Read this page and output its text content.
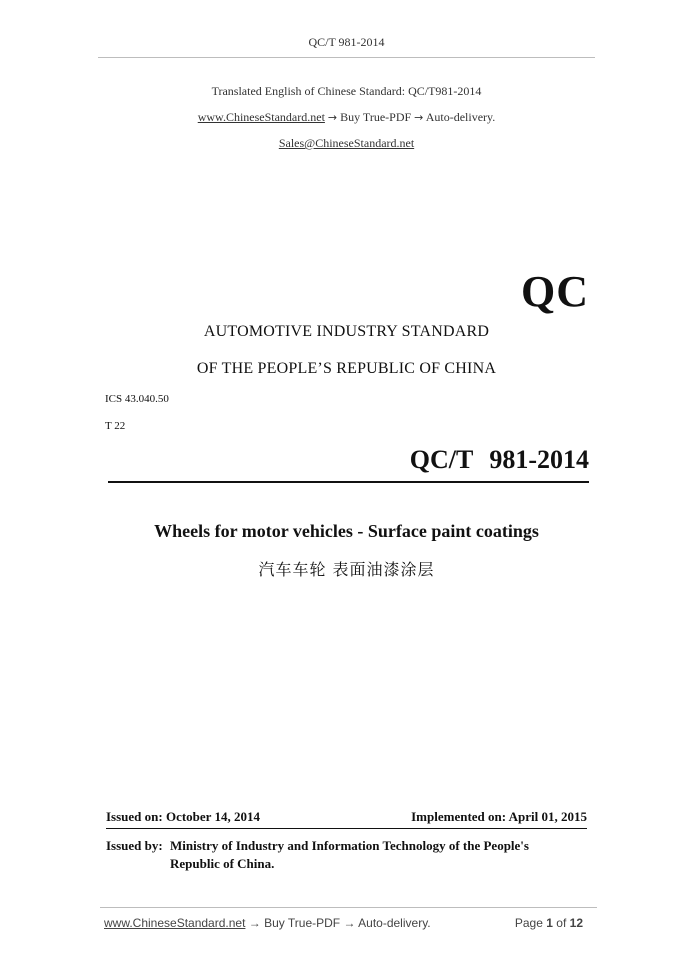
QC/T 981-2014
Translated English of Chinese Standard: QC/T981-2014
www.ChineseStandard.net → Buy True-PDF → Auto-delivery.
Sales@ChineseStandard.net
QC
AUTOMOTIVE INDUSTRY STANDARD
OF THE PEOPLE’S REPUBLIC OF CHINA
ICS 43.040.50
T 22
QC/T 981-2014
Wheels for motor vehicles - Surface paint coatings
汽车车轮 表面油漆涂层
Issued on: October 14, 2014	Implemented on: April 01, 2015
Issued by: Ministry of Industry and Information Technology of the People's
Republic of China.
www.ChineseStandard.net → Buy True-PDF → Auto-delivery.	Page 1 of 12
